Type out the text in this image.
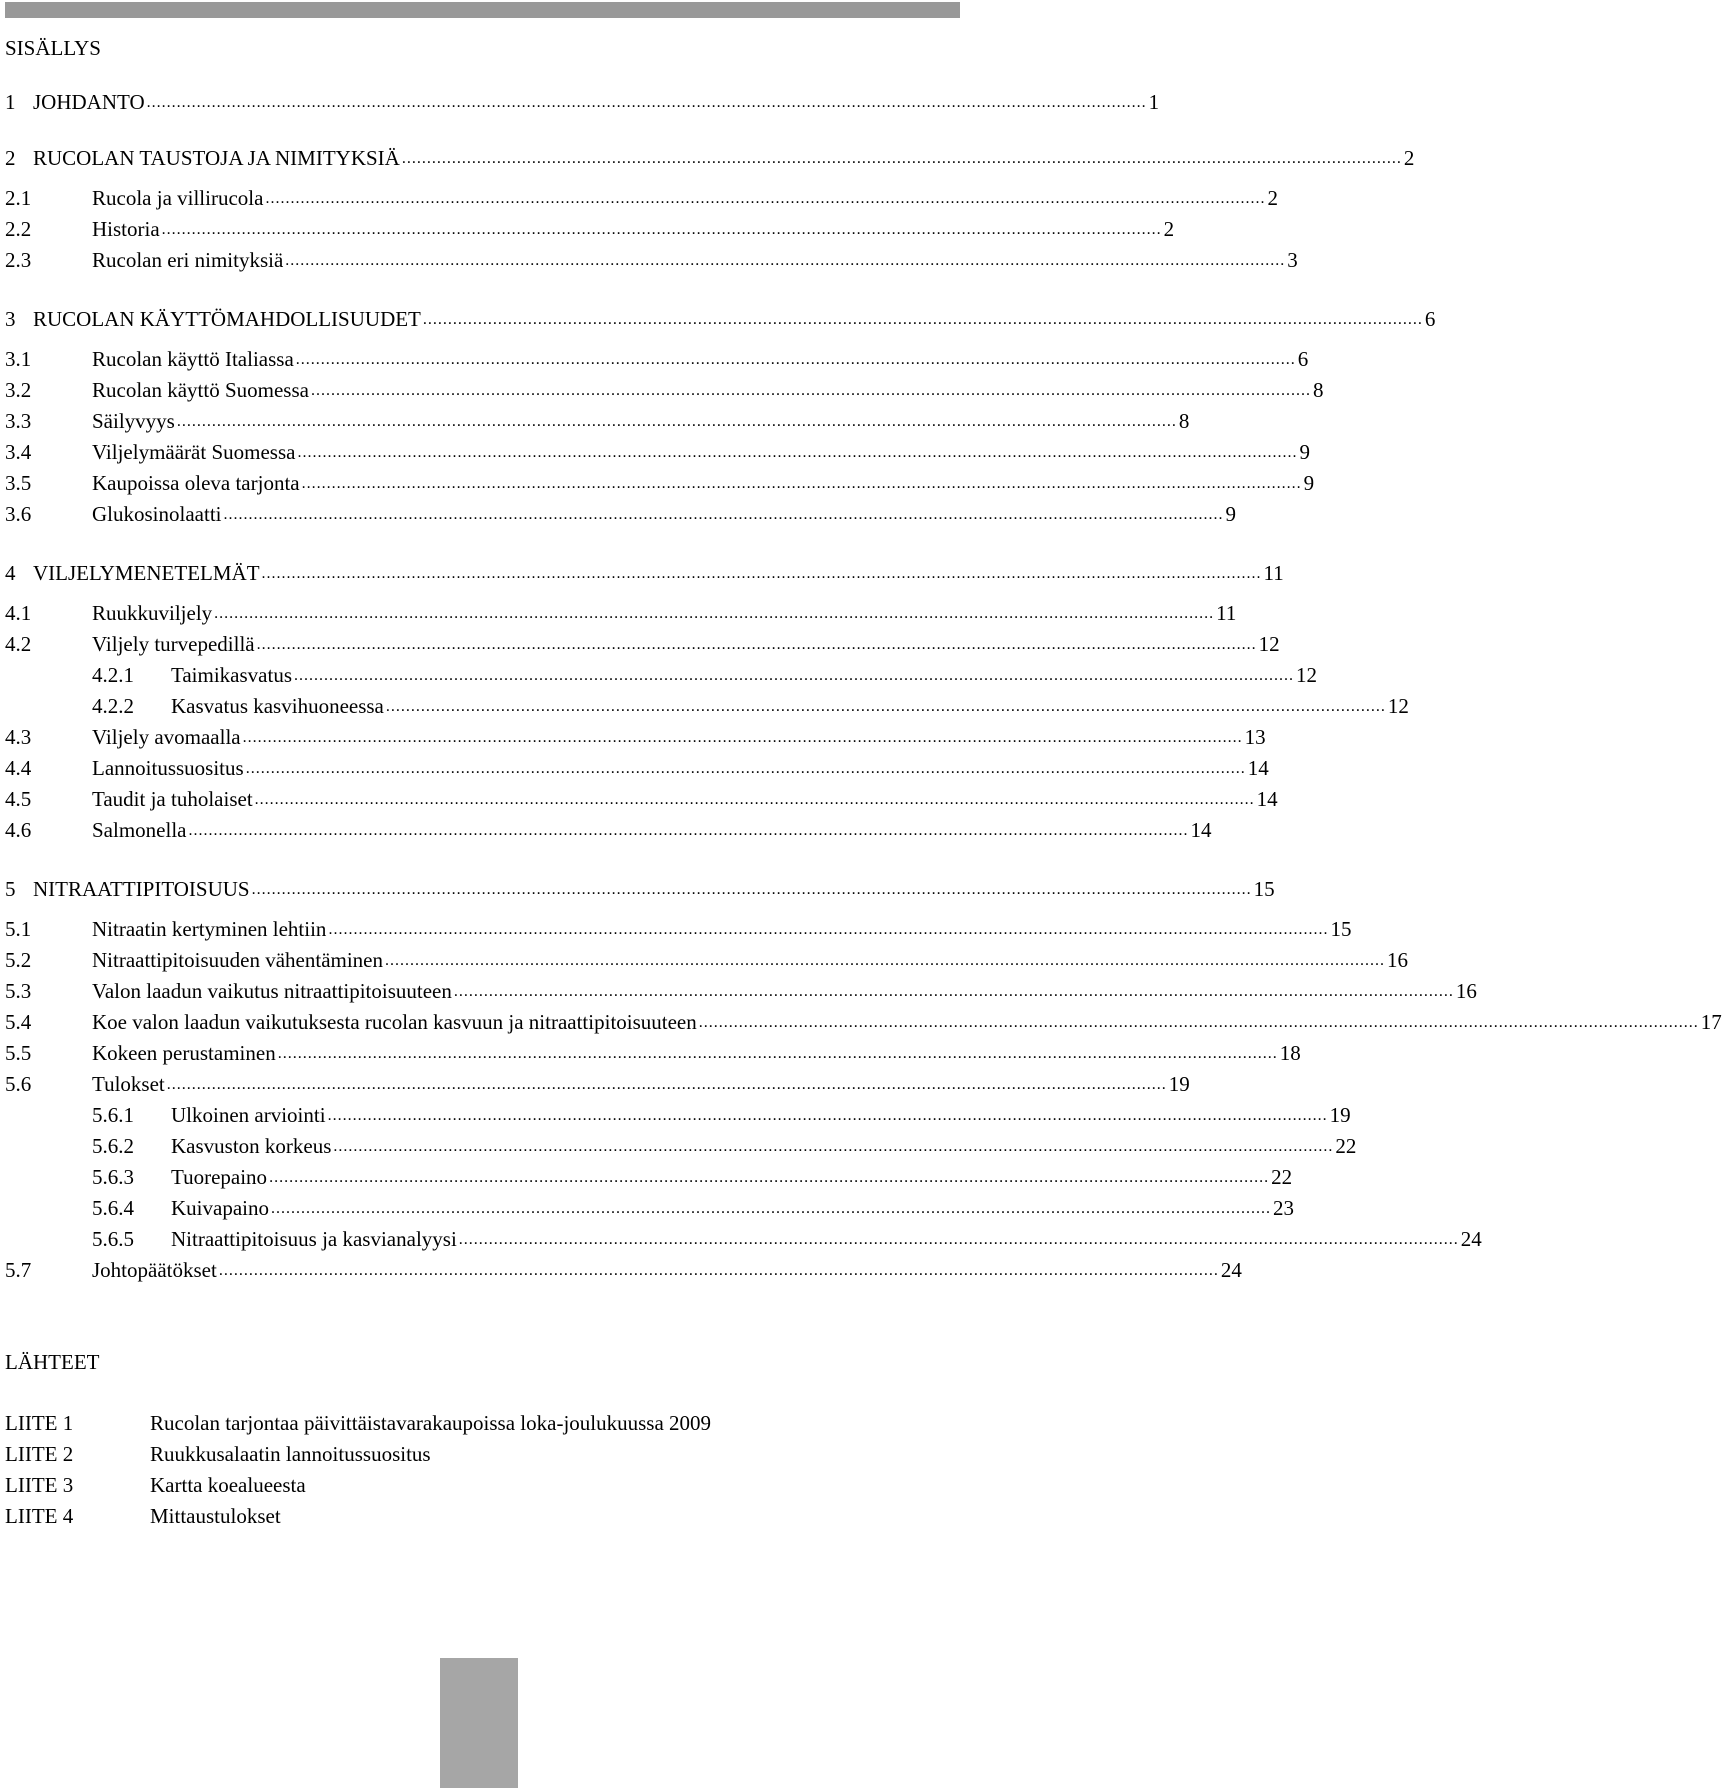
SISÄLLYS
1 JOHDANTO ........................................................................................................................................................................................................ 1
2 RUCOLAN TAUSTOJA JA NIMITYKSIÄ ........................................................................................................................................................................................................ 2
2.1	Rucola ja villirucola ........................................................................................................................................................................................................ 2
2.2	Historia ........................................................................................................................................................................................................ 2
2.3	Rucolan eri nimityksiä ........................................................................................................................................................................................................ 3
3 RUCOLAN KÄYTTÖMAHDOLLISUUDET ........................................................................................................................................................................................................ 6
3.1	Rucolan käyttö Italiassa ........................................................................................................................................................................................................ 6
3.2	Rucolan käyttö Suomessa ........................................................................................................................................................................................................ 8
3.3	Säilyvyys ........................................................................................................................................................................................................ 8
3.4	Viljelymäärät Suomessa ........................................................................................................................................................................................................ 9
3.5	Kaupoissa oleva tarjonta ........................................................................................................................................................................................................ 9
3.6	Glukosinolaatti ........................................................................................................................................................................................................ 9
4 VILJELYMENETELMÄT ........................................................................................................................................................................................................ 11
4.1	Ruukkuviljely ........................................................................................................................................................................................................ 11
4.2	Viljely turvepedillä ........................................................................................................................................................................................................ 12
4.2.1	Taimikasvatus ........................................................................................................................................................................................................ 12
4.2.2	Kasvatus kasvihuoneessa ........................................................................................................................................................................................................ 12
4.3	Viljely avomaalla ........................................................................................................................................................................................................ 13
4.4	Lannoitussuositus ........................................................................................................................................................................................................ 14
4.5	Taudit ja tuholaiset ........................................................................................................................................................................................................ 14
4.6	Salmonella ........................................................................................................................................................................................................ 14
5 NITRAATTIPITOISUUS ........................................................................................................................................................................................................ 15
5.1	Nitraatin kertyminen lehtiin ........................................................................................................................................................................................................ 15
5.2	Nitraattipitoisuuden vähentäminen ........................................................................................................................................................................................................ 16
5.3	Valon laadun vaikutus nitraattipitoisuuteen ........................................................................................................................................................................................................ 16
5.4	Koe valon laadun vaikutuksesta rucolan kasvuun ja nitraattipitoisuuteen ........................................................................................................................................................................................................ 17
5.5	Kokeen perustaminen ........................................................................................................................................................................................................ 18
5.6	Tulokset ........................................................................................................................................................................................................ 19
5.6.1	Ulkoinen arviointi ........................................................................................................................................................................................................ 19
5.6.2	Kasvuston korkeus ........................................................................................................................................................................................................ 22
5.6.3	Tuorepaino ........................................................................................................................................................................................................ 22
5.6.4	Kuivapaino ........................................................................................................................................................................................................ 23
5.6.5	Nitraattipitoisuus ja kasvianalyysi ........................................................................................................................................................................................................ 24
5.7	Johtopäätökset ........................................................................................................................................................................................................ 24
LÄHTEET
LIITE 1	Rucolan tarjontaa päivittäistavarakaupoissa loka-joulukuussa 2009
LIITE 2	Ruukkusalaatin lannoitussuositus
LIITE 3	Kartta koealueesta
LIITE 4	Mittaustulokset
